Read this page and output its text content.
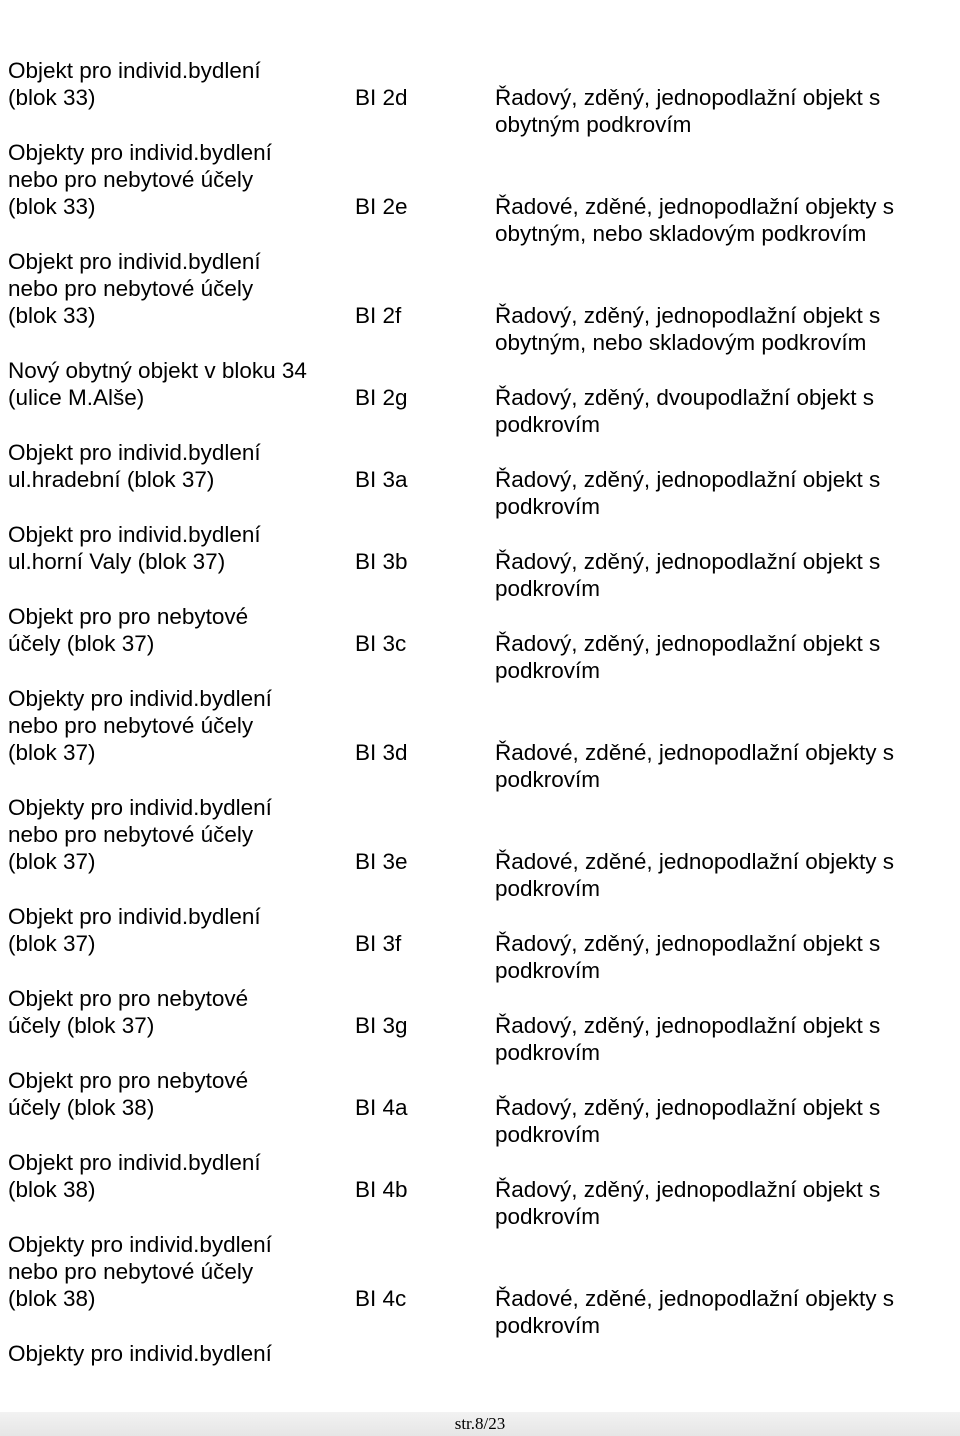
Objekt pro individ.bydlení
(blok 33)	BI 2d	Řadový, zděný, jednopodlažní objekt s
obytným podkrovím
Objekty pro individ.bydlení
nebo pro nebytové účely
(blok 33)	BI 2e	Řadové, zděné, jednopodlažní objekty s
obytným, nebo skladovým podkrovím
Objekt pro individ.bydlení
nebo pro nebytové účely
(blok 33)	BI 2f	Řadový, zděný, jednopodlažní objekt s
obytným, nebo skladovým podkrovím
Nový obytný objekt v bloku 34
(ulice M.Alše)	BI 2g	Řadový, zděný, dvoupodlažní objekt s
podkrovím
Objekt pro individ.bydlení
ul.hradební (blok 37)	BI 3a	Řadový, zděný, jednopodlažní objekt s
podkrovím
Objekt pro individ.bydlení
ul.horní Valy (blok 37)	BI 3b	Řadový, zděný, jednopodlažní objekt s
podkrovím
Objekt pro pro nebytové
účely (blok 37)	BI 3c	Řadový, zděný, jednopodlažní objekt s
podkrovím
Objekty pro individ.bydlení
nebo pro nebytové účely
(blok 37)	BI 3d	Řadové, zděné, jednopodlažní objekty s
podkrovím
Objekty pro individ.bydlení
nebo pro nebytové účely
(blok 37)	BI 3e	Řadové, zděné, jednopodlažní objekty s
podkrovím
Objekt pro individ.bydlení
(blok 37)	BI 3f	Řadový, zděný, jednopodlažní objekt s
podkrovím
Objekt pro pro nebytové
účely (blok 37)	BI 3g	Řadový, zděný, jednopodlažní objekt s
podkrovím
Objekt pro pro nebytové
účely (blok 38)	BI 4a	Řadový, zděný, jednopodlažní objekt s
podkrovím
Objekt pro individ.bydlení
(blok 38)	BI 4b	Řadový, zděný, jednopodlažní objekt s
podkrovím
Objekty pro individ.bydlení
nebo pro nebytové účely
(blok 38)	BI 4c	Řadové, zděné, jednopodlažní objekty s
podkrovím
Objekty pro individ.bydlení
str.8/23
